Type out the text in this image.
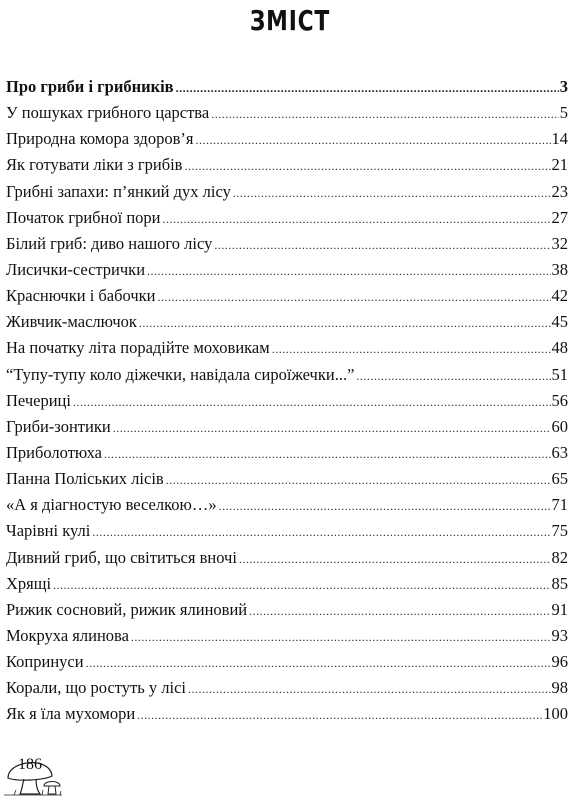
ЗМІСТ
Про гриби і грибників .....	3
У пошуках грибного царства .....	5
Природна комора здоров’я .....	14
Як готувати ліки з грибів .....	21
Грибні запахи: п’янкий дух лісу .....	23
Початок грибної пори .....	27
Білий гриб: диво нашого лісу .....	32
Лисички-сестрички .....	38
Краснючки і бабочки .....	42
Живчик-маслючок .....	45
На початку літа порадійте моховикам .....	48
“Тупу-тупу коло діжечки, навідала сироїжечки...” .....	51
Печериці .....	56
Гриби-зонтики .....	60
Приболотюха .....	63
Панна Поліських лісів .....	65
«А я діагностую веселкою…» .....	71
Чарівні кулі .....	75
Дивний гриб, що світиться вночі .....	82
Хрящі .....	85
Рижик сосновий, рижик ялиновий .....	91
Мокруха ялинова .....	93
Копринуси .....	96
Корали, що ростуть у лісі .....	98
Як я їла мухомори .....	100
186
